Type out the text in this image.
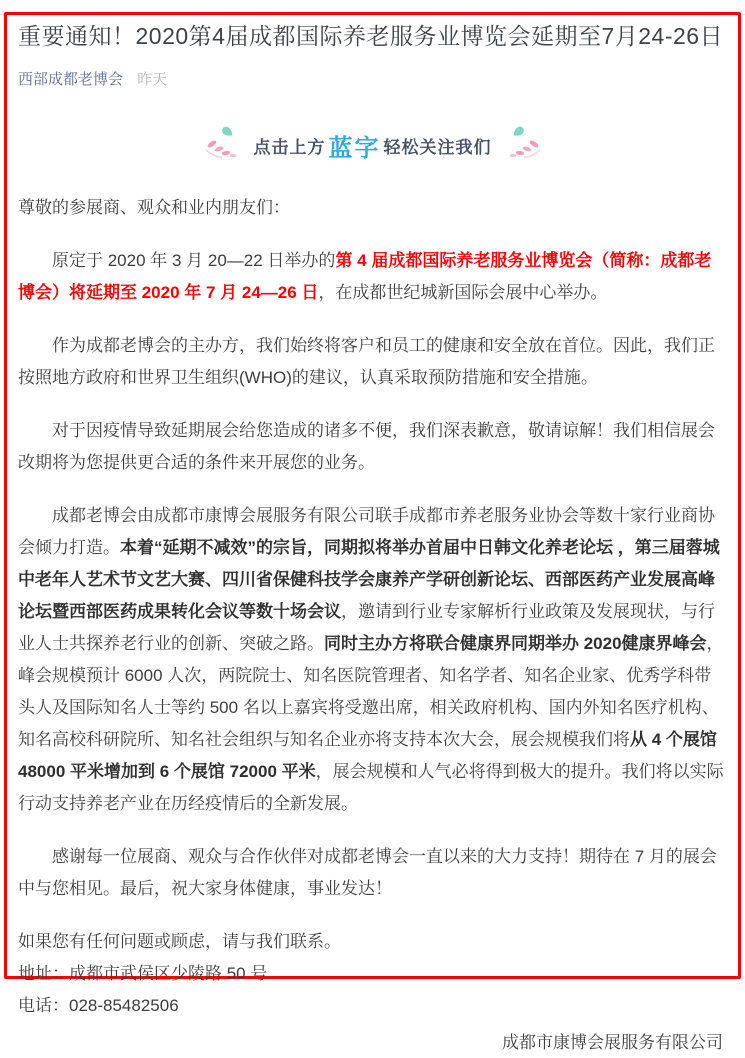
重要通知！2020第4届成都国际养老服务业博览会延期至7月24-26日
西部成都老博会 昨天
点击上方 蓝字 轻松关注我们

尊敬的参展商、观众和业内朋友们：

原定于 2020 年 3 月 20—22 日举办的第 4 届成都国际养老服务业博览会（简称：成都老博会）将延期至 2020 年 7 月 24—26 日，在成都世纪城新国际会展中心举办。

作为成都老博会的主办方，我们始终将客户和员工的健康和安全放在首位。因此，我们正按照地方政府和世界卫生组织(WHO)的建议，认真采取预防措施和安全措施。

对于因疫情导致延期展会给您造成的诸多不便，我们深表歉意，敬请谅解！我们相信展会改期将为您提供更合适的条件来开展您的业务。

成都老博会由成都市康博会展服务有限公司联手成都市养老服务业协会等数十家行业商协会倾力打造。本着“延期不减效”的宗旨，同期拟将举办首届中日韩文化养老论坛 ，第三届蓉城中老年人艺术节文艺大赛、四川省保健科技学会康养产学研创新论坛、西部医药产业发展高峰论坛暨西部医药成果转化会议等数十场会议，邀请到行业专家解析行业政策及发展现状，与行业人士共探养老行业的创新、突破之路。同时主办方将联合健康界同期举办 2020健康界峰会，峰会规模预计 6000 人次，两院院士、知名医院管理者、知名学者、知名企业家、优秀学科带头人及国际知名人士等约 500 名以上嘉宾将受邀出席，相关政府机构、国内外知名医疗机构、知名高校科研院所、知名社会组织与知名企业亦将支持本次大会，展会规模我们将从 4 个展馆 48000 平米增加到 6 个展馆 72000 平米，展会规模和人气必将得到极大的提升。我们将以实际行动支持养老产业在历经疫情后的全新发展。

感谢每一位展商、观众与合作伙伴对成都老博会一直以来的大力支持！期待在 7 月的展会中与您相见。最后，祝大家身体健康，事业发达！

如果您有任何问题或顾虑，请与我们联系。

地址：成都市武侯区少陵路 50 号

电话：028-85482506

成都市康博会展服务有限公司
